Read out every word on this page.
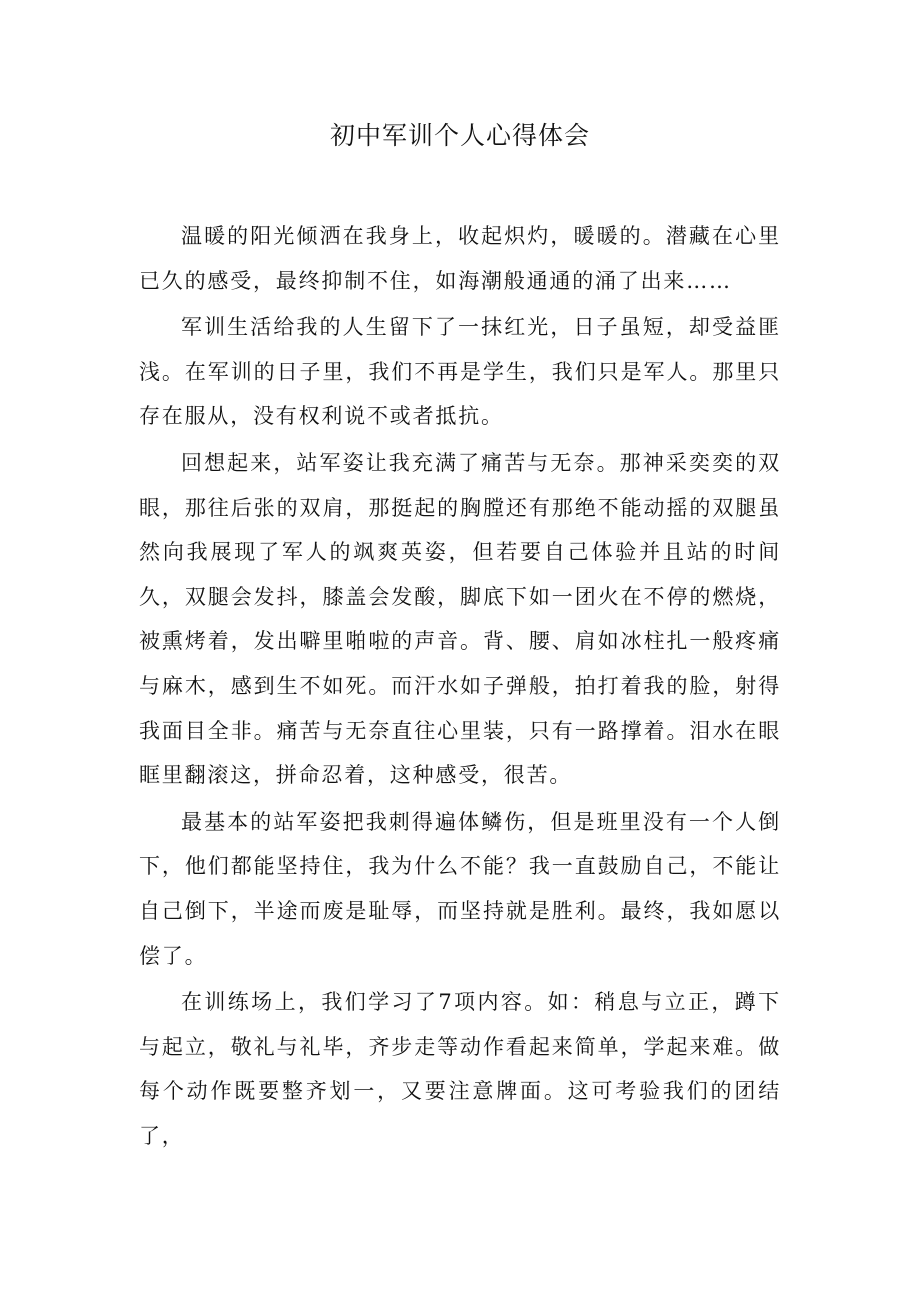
初中军训个人心得体会

温暖的阳光倾洒在我身上，收起炽灼，暖暖的。潜藏在心里已久的感受，最终抑制不住，如海潮般通通的涌了出来……

军训生活给我的人生留下了一抹红光，日子虽短，却受益匪浅。在军训的日子里，我们不再是学生，我们只是军人。那里只存在服从，没有权利说不或者抵抗。

回想起来，站军姿让我充满了痛苦与无奈。那神采奕奕的双眼，那往后张的双肩，那挺起的胸膛还有那绝不能动摇的双腿虽然向我展现了军人的飒爽英姿，但若要自己体验并且站的时间久，双腿会发抖，膝盖会发酸，脚底下如一团火在不停的燃烧，被熏烤着，发出噼里啪啦的声音。背、腰、肩如冰柱扎一般疼痛与麻木，感到生不如死。而汗水如子弹般，拍打着我的脸，射得我面目全非。痛苦与无奈直往心里装，只有一路撑着。泪水在眼眶里翻滚这，拼命忍着，这种感受，很苦。

最基本的站军姿把我刺得遍体鳞伤，但是班里没有一个人倒下，他们都能坚持住，我为什么不能？我一直鼓励自己，不能让自己倒下，半途而废是耻辱，而坚持就是胜利。最终，我如愿以偿了。

在训练场上，我们学习了7项内容。如：稍息与立正，蹲下与起立，敬礼与礼毕，齐步走等动作看起来简单，学起来难。做每个动作既要整齐划一，又要注意牌面。这可考验我们的团结了，
